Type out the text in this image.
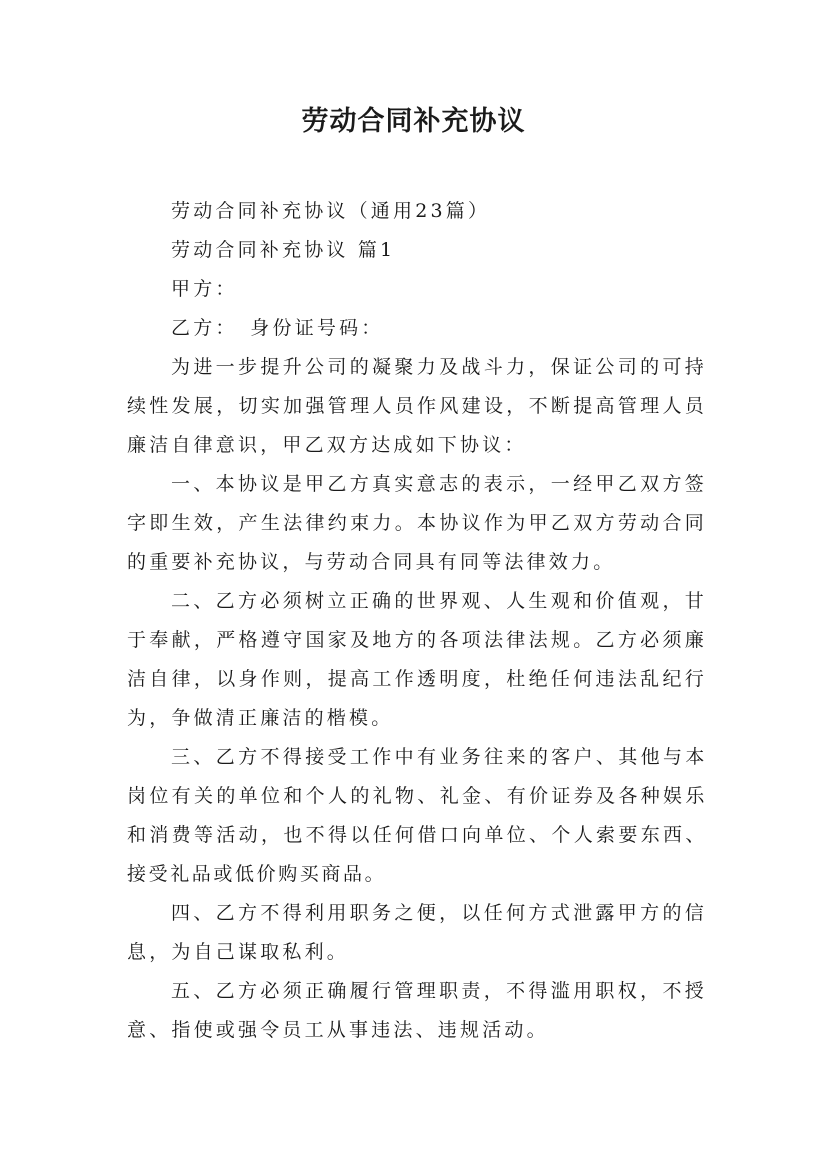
劳动合同补充协议

劳动合同补充协议（通用23篇）

劳动合同补充协议 篇1

甲方：

乙方：　身份证号码：

为进一步提升公司的凝聚力及战斗力，保证公司的可持续性发展，切实加强管理人员作风建设，不断提高管理人员廉洁自律意识，甲乙双方达成如下协议：

一、本协议是甲乙方真实意志的表示，一经甲乙双方签字即生效，产生法律约束力。本协议作为甲乙双方劳动合同的重要补充协议，与劳动合同具有同等法律效力。

二、乙方必须树立正确的世界观、人生观和价值观，甘于奉献，严格遵守国家及地方的各项法律法规。乙方必须廉洁自律，以身作则，提高工作透明度，杜绝任何违法乱纪行为，争做清正廉洁的楷模。

三、乙方不得接受工作中有业务往来的客户、其他与本岗位有关的单位和个人的礼物、礼金、有价证券及各种娱乐和消费等活动，也不得以任何借口向单位、个人索要东西、接受礼品或低价购买商品。

四、乙方不得利用职务之便，以任何方式泄露甲方的信息，为自己谋取私利。

五、乙方必须正确履行管理职责，不得滥用职权，不授意、指使或强令员工从事违法、违规活动。
